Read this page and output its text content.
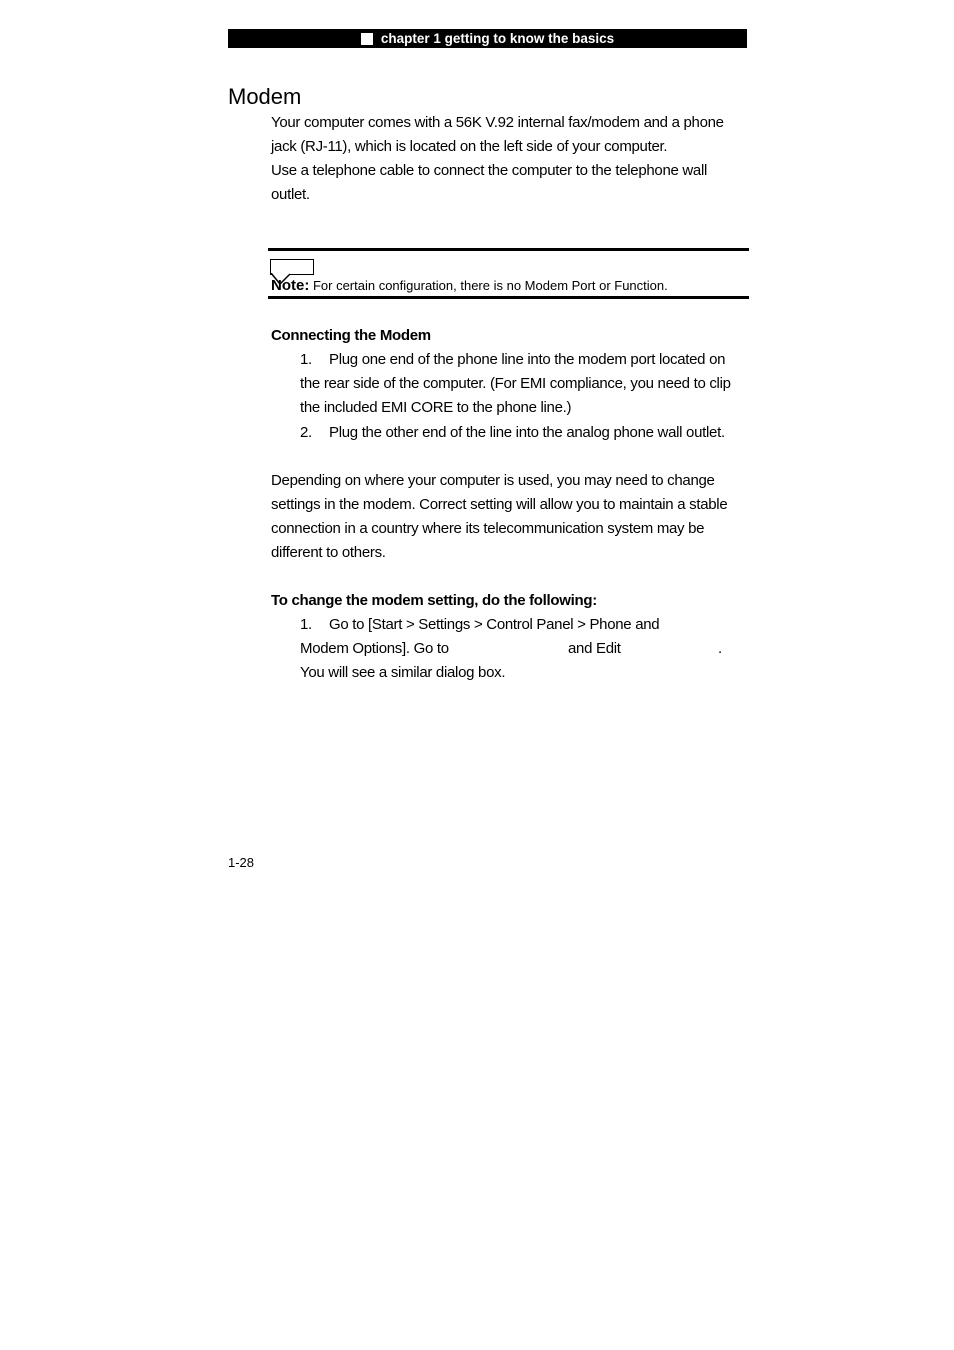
chapter 1 getting to know the basics
Modem
Your computer comes with a 56K V.92 internal fax/modem and a phone
jack (RJ-11), which is located on the left side of your computer.
Use a telephone cable to connect the computer to the telephone wall
outlet.
Note: For certain configuration, there is no Modem Port or Function.
Connecting the Modem
1. Plug one end of the phone line into the modem port located on
the rear side of the computer. (For EMI compliance, you need to clip
the included EMI CORE to the phone line.)
2. Plug the other end of the line into the analog phone wall outlet.
Depending on where your computer is used, you may need to change
settings in the modem. Correct setting will allow you to maintain a stable
connection in a country where its telecommunication system may be
different to others.
To change the modem setting, do the following:
1. Go to [Start > Settings > Control Panel > Phone and
Modem Options]. Go to	and Edit	.
You will see a similar dialog box.
1-28
